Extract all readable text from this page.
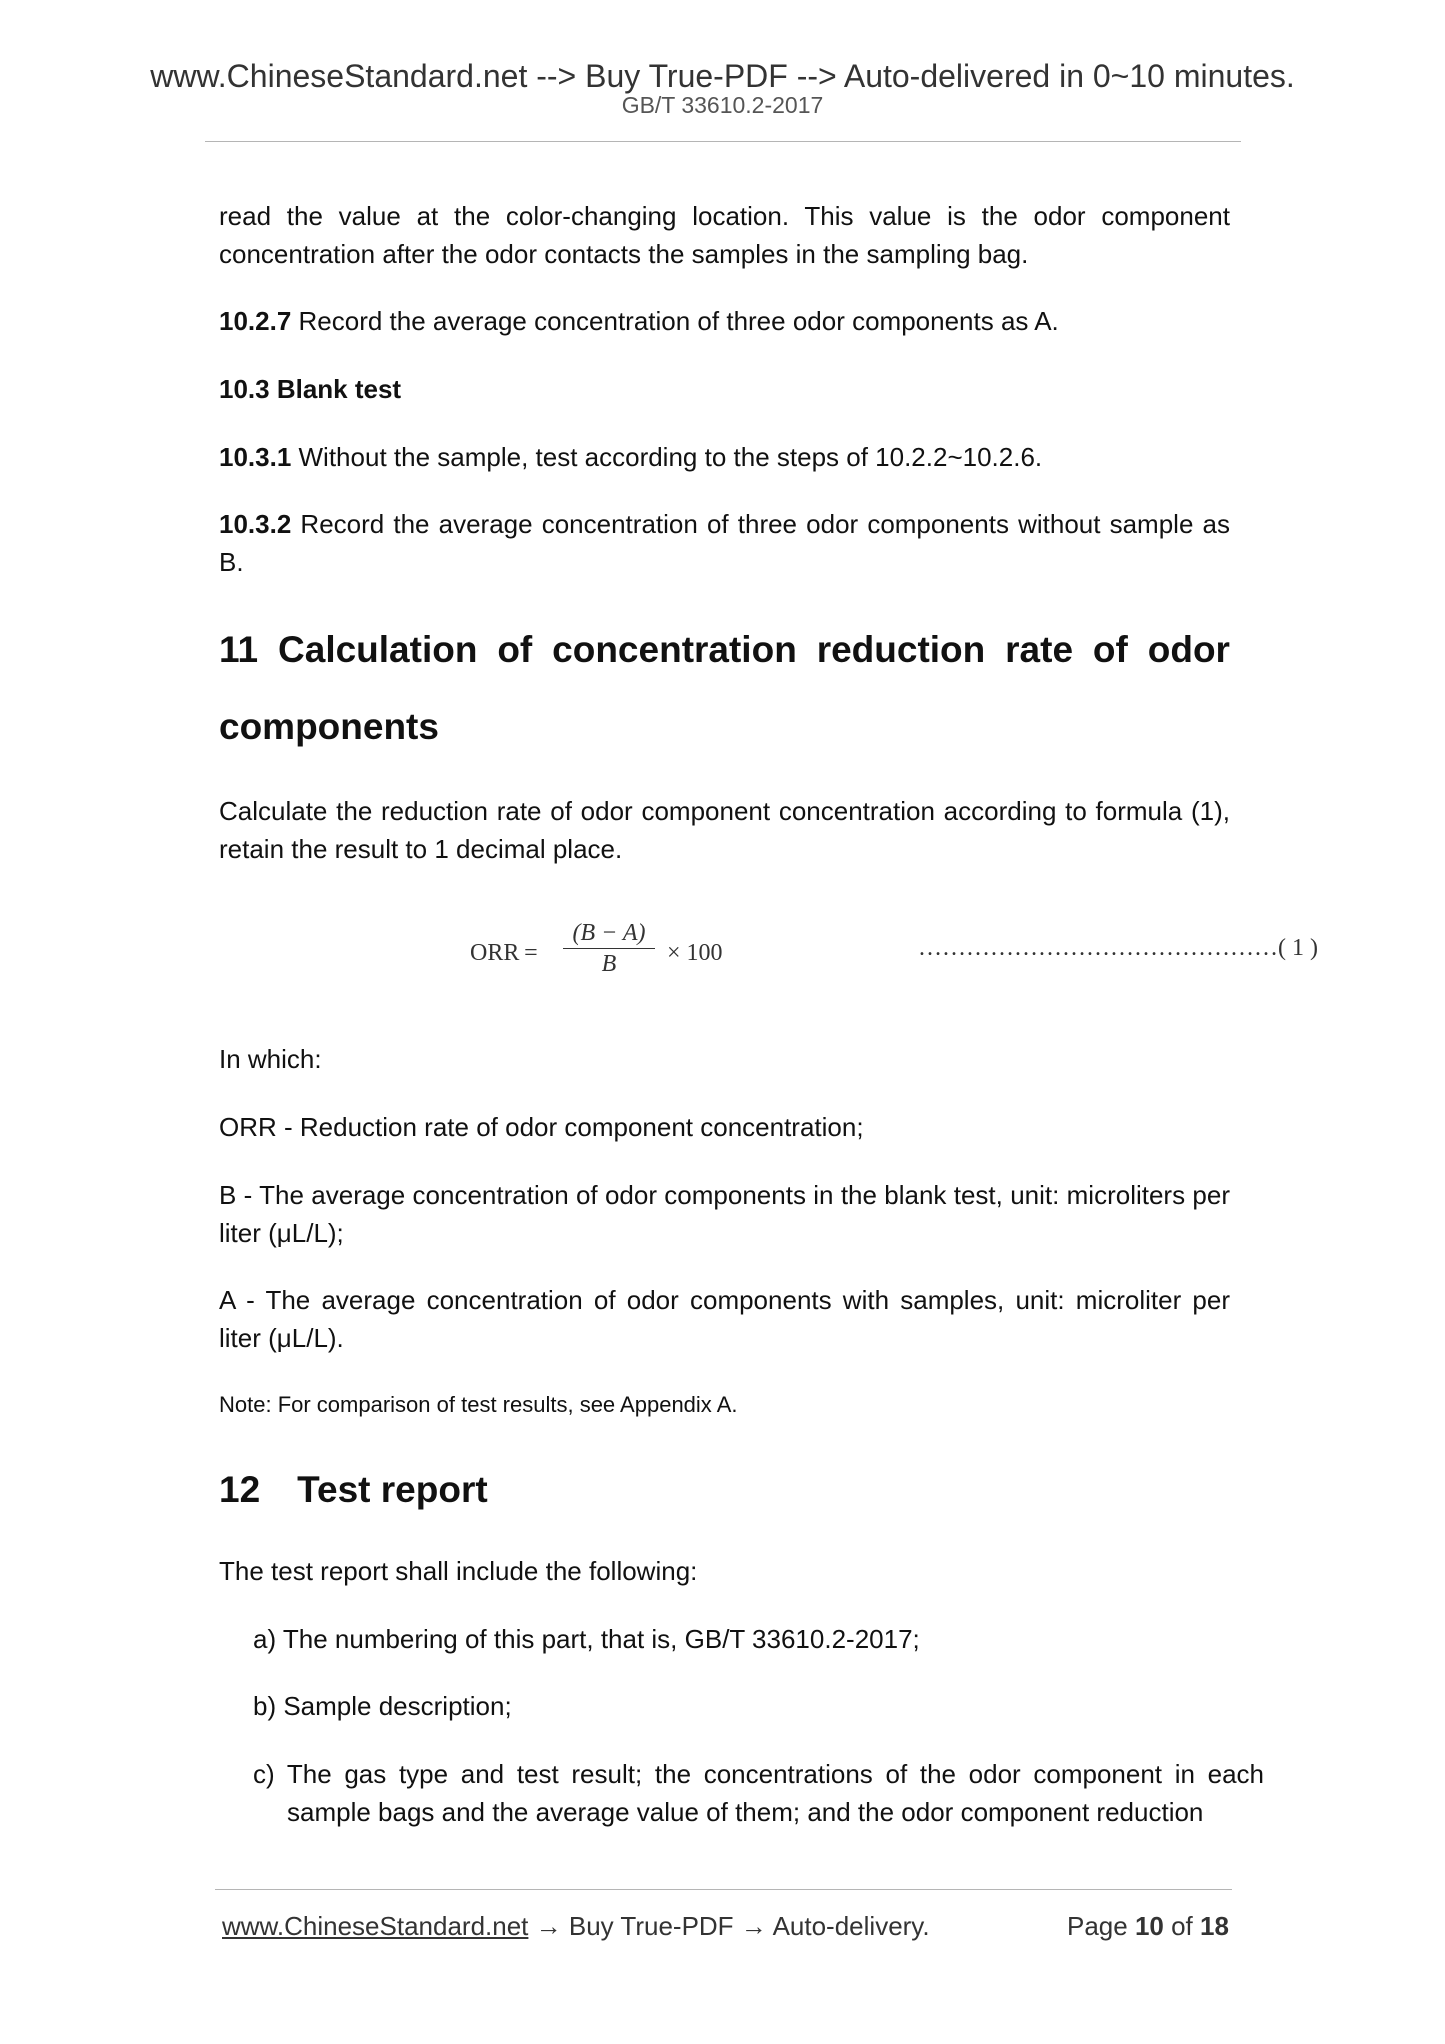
www.ChineseStandard.net --> Buy True-PDF --> Auto-delivered in 0~10 minutes.
GB/T 33610.2-2017

read the value at the color-changing location. This value is the odor component concentration after the odor contacts the samples in the sampling bag.

10.2.7 Record the average concentration of three odor components as A.

10.3 Blank test

10.3.1 Without the sample, test according to the steps of 10.2.2~10.2.6.

10.3.2 Record the average concentration of three odor components without sample as B.

11 Calculation of concentration reduction rate of odor
components

Calculate the reduction rate of odor component concentration according to formula (1), retain the result to 1 decimal place.

ORR =
(B − A)
B	× 100	………………………………………( 1 )

In which:

ORR - Reduction rate of odor component concentration;

B - The average concentration of odor components in the blank test, unit: microliters per liter (μL/L);

A - The average concentration of odor components with samples, unit: microliter per liter (μL/L).

Note: For comparison of test results, see Appendix A.

12 Test report

The test report shall include the following:

a) The numbering of this part, that is, GB/T 33610.2-2017;

b) Sample description;

c) The gas type and test result; the concentrations of the odor component in each sample bags and the average value of them; and the odor component reduction

www.ChineseStandard.net → Buy True-PDF → Auto-delivery.	Page 10 of 18
